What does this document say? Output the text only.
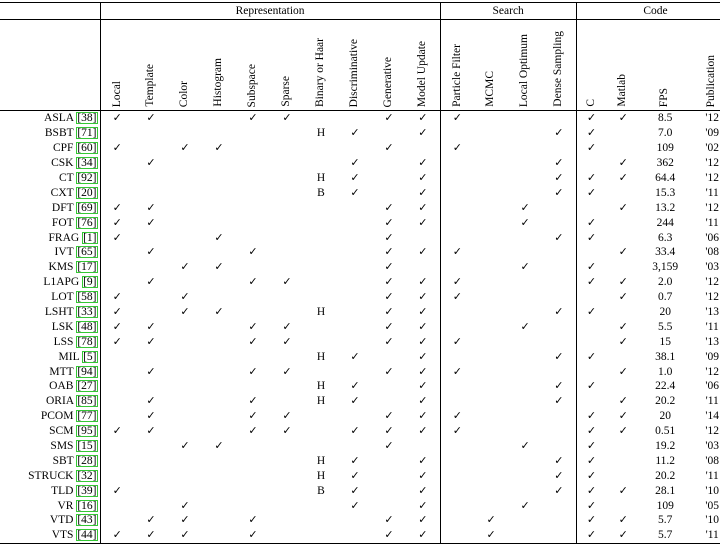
	Representation										Search				Code			
	Local	Template	Color	Histogram	Subspace	Sparse	Binary or Haar	Discriminative	Generative	Model Update	Particle Filter	MCMC	Local Optimum	Dense Sampling	C	Matlab	FPS	Publication
ASLA [38]	✓	✓			✓	✓			✓	✓	✓				✓	✓	8.5	'12
BSBT [71]							H	✓		✓				✓	✓		7.0	'09
CPF [60]	✓		✓	✓					✓		✓				✓		109	'02
CSK [34]		✓						✓		✓				✓		✓	362	'12
CT [92]							H	✓		✓				✓	✓	✓	64.4	'12
CXT [20]							B	✓		✓				✓	✓		15.3	'11
DFT [69]	✓	✓							✓	✓			✓			✓	13.2	'12
FOT [76]	✓	✓							✓	✓			✓		✓		244	'11
FRAG [1]	✓			✓					✓					✓	✓		6.3	'06
IVT [65]		✓			✓				✓	✓	✓					✓	33.4	'08
KMS [17]			✓	✓					✓				✓		✓		3,159	'03
L1APG [9]		✓			✓	✓			✓	✓	✓				✓	✓	2.0	'12
LOT [58]	✓		✓						✓	✓	✓					✓	0.7	'12
LSHT [33]	✓		✓	✓			H		✓	✓				✓	✓		20	'13
LSK [48]	✓	✓			✓	✓			✓	✓			✓			✓	5.5	'11
LSS [78]	✓	✓			✓	✓			✓	✓	✓					✓	15	'13
MIL [5]							H	✓		✓				✓	✓		38.1	'09
MTT [94]		✓			✓	✓			✓	✓	✓					✓	1.0	'12
OAB [27]							H	✓		✓				✓	✓		22.4	'06
ORIA [85]		✓			✓		H	✓		✓				✓		✓	20.2	'11
PCOM [77]		✓			✓	✓			✓	✓	✓				✓	✓	20	'14
SCM [95]	✓	✓			✓	✓		✓	✓	✓	✓				✓	✓	0.51	'12
SMS [15]			✓	✓					✓				✓		✓		19.2	'03
SBT [28]							H	✓		✓				✓	✓		11.2	'08
STRUCK [32]							H	✓		✓				✓	✓		20.2	'11
TLD [39]	✓						B	✓		✓				✓	✓	✓	28.1	'10
VR [16]			✓					✓		✓			✓		✓		109	'05
VTD [43]		✓	✓		✓				✓	✓		✓			✓	✓	5.7	'10
VTS [44]	✓	✓	✓		✓				✓	✓		✓			✓	✓	5.7	'11
